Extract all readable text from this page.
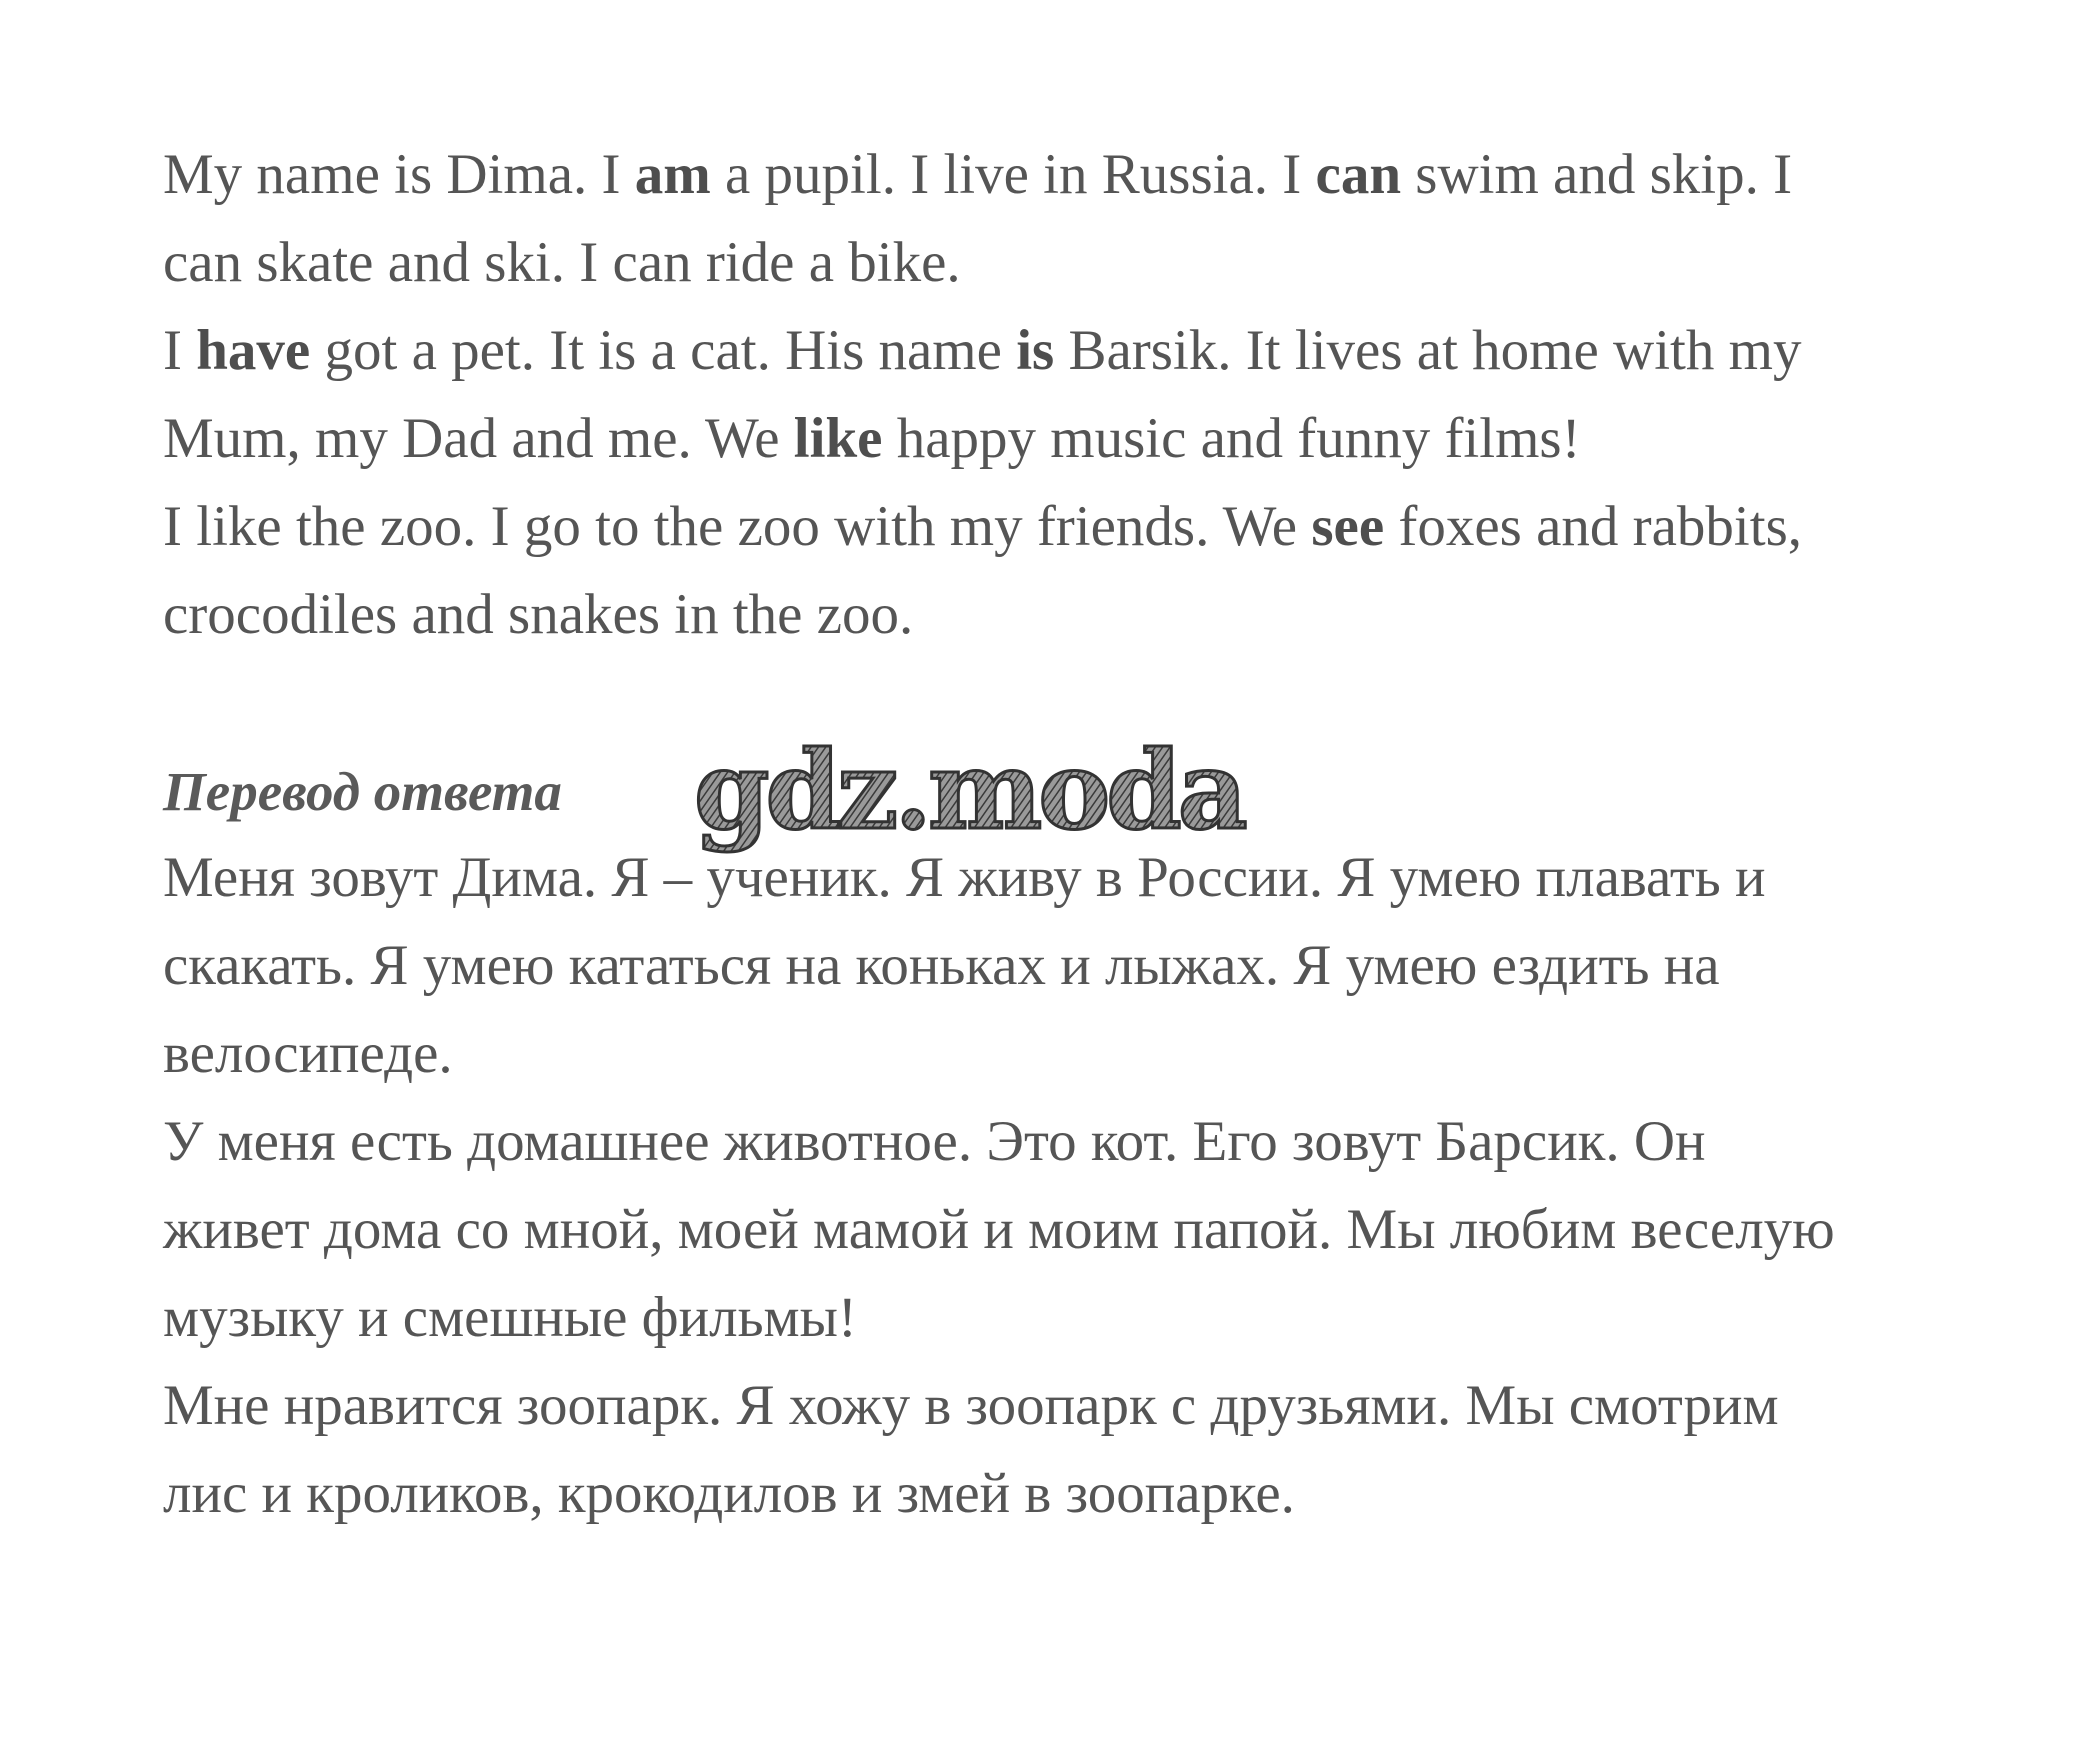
My name is Dima. I am a pupil. I live in Russia. I can swim and skip. I
can skate and ski. I can ride a bike.
I have got a pet. It is a cat. His name is Barsik. It lives at home with my
Mum, my Dad and me. We like happy music and funny films!
I like the zoo. I go to the zoo with my friends. We see foxes and rabbits,
crocodiles and snakes in the zoo.
Перевод ответа gdz.moda
Меня зовут Дима. Я – ученик. Я живу в России. Я умею плавать и
скакать. Я умею кататься на коньках и лыжах. Я умею ездить на
велосипеде.
У меня есть домашнее животное. Это кот. Его зовут Барсик. Он
живет дома со мной, моей мамой и моим папой. Мы любим веселую
музыку и смешные фильмы!
Мне нравится зоопарк. Я хожу в зоопарк с друзьями. Мы смотрим
лис и кроликов, крокодилов и змей в зоопарке.
